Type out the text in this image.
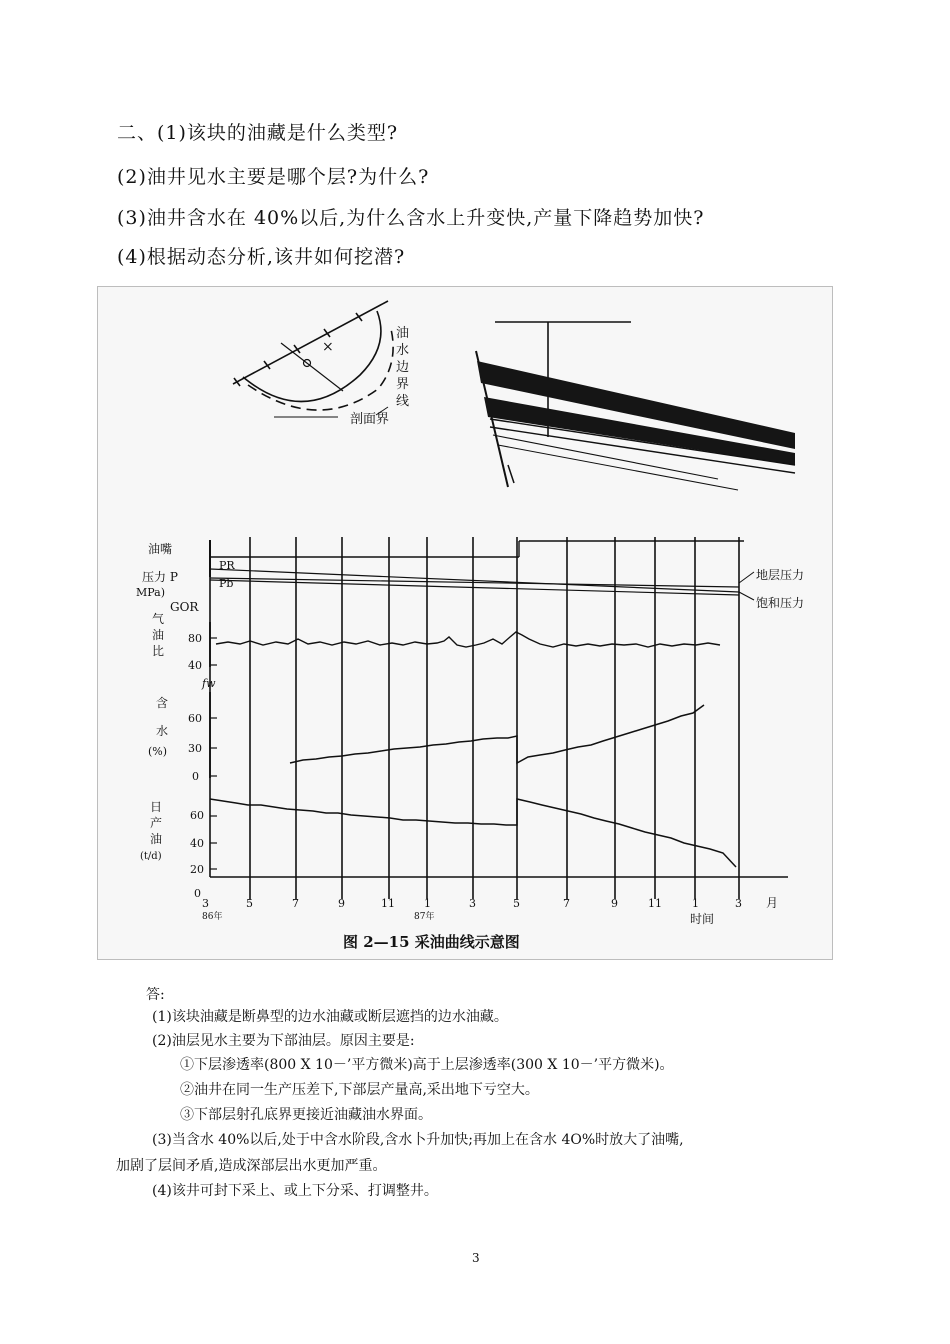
二、(1)该块的油藏是什么类型?
(2)油井见水主要是哪个层?为什么?
(3)油井含水在 40%以后,为什么含水上升变快,产量下降趋势加快?
(4)根据动态分析,该井如何挖潜?
×
油
水
边
界
线
剖面界
油嘴
压力 P
MPa)
PR
Pb
GOR
气
油
比
fw
含
水
(%)
日
产
油
(t/d)
80
40
60
30
0
60
40
20
0
3	5	7	9	11	1	3	5	7	9	11	1	3
86年	87年
月
时间
地层压力
饱和压力
图 2—15 采油曲线示意图
答:
(1)该块油藏是断鼻型的边水油藏或断层遮挡的边水油藏。
(2)油层见水主要为下部油层。原因主要是:
①下层渗透率(800 X 10－’平方微米)高于上层渗透率(300 X 10－’平方微米)。
②油井在同一生产压差下,下部层产量高,采出地下亏空大。
③下部层射孔底界更接近油藏油水界面。
(3)当含水 40%以后,处于中含水阶段,含水卜升加快;再加上在含水 4O%时放大了油嘴,
加剧了层间矛盾,造成深部层出水更加严重。
(4)该井可封下采上、或上下分采、打调整井。
3
